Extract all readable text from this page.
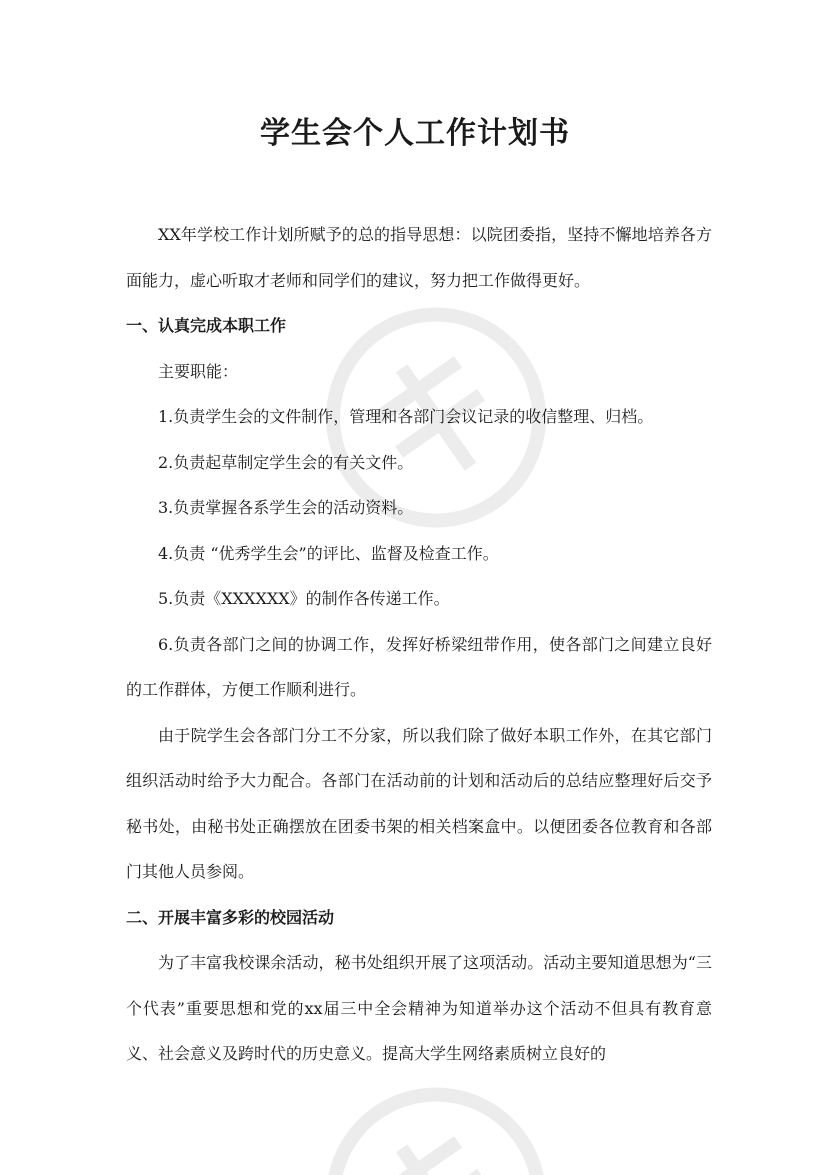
学生会个人工作计划书

XX年学校工作计划所赋予的总的指导思想：以院团委指，坚持不懈地培养各方面能力，虚心听取才老师和同学们的建议，努力把工作做得更好。

一、认真完成本职工作

主要职能：

1.负责学生会的文件制作，管理和各部门会议记录的收信整理、归档。

2.负责起草制定学生会的有关文件。

3.负责掌握各系学生会的活动资料。

4.负责 “优秀学生会”的评比、监督及检查工作。

5.负责《XXXXXX》的制作各传递工作。

6.负责各部门之间的协调工作，发挥好桥梁纽带作用，使各部门之间建立良好的工作群体，方便工作顺利进行。

由于院学生会各部门分工不分家，所以我们除了做好本职工作外，在其它部门组织活动时给予大力配合。各部门在活动前的计划和活动后的总结应整理好后交予秘书处，由秘书处正确摆放在团委书架的相关档案盒中。以便团委各位教育和各部门其他人员参阅。

二、开展丰富多彩的校园活动

为了丰富我校课余活动，秘书处组织开展了这项活动。活动主要知道思想为“三个代表”重要思想和党的xx届三中全会精神为知道举办这个活动不但具有教育意义、社会意义及跨时代的历史意义。提高大学生网络素质树立良好的
